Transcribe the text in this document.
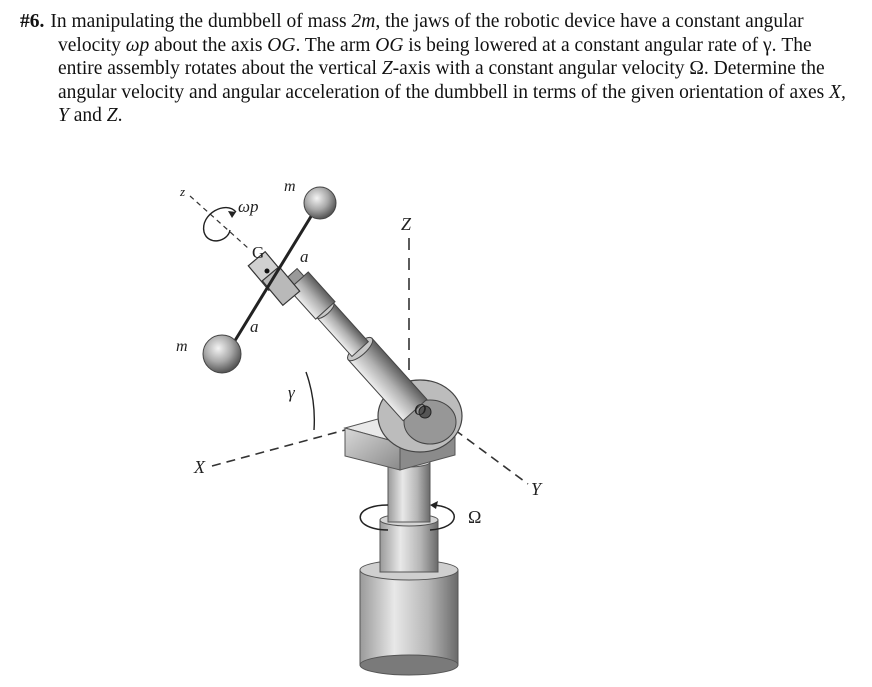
#6. In manipulating the dumbbell of mass 2m, the jaws of the robotic device have a constant angular velocity ωp about the axis OG. The arm OG is being lowered at a constant angular rate of γ. The entire assembly rotates about the vertical Z-axis with a constant angular velocity Ω. Determine the angular velocity and angular acceleration of the dumbbell in terms of the given orientation of axes X, Y and Z.

z
ωp
m
G a
a
m
γ
O
Z
X
Y
Ω
